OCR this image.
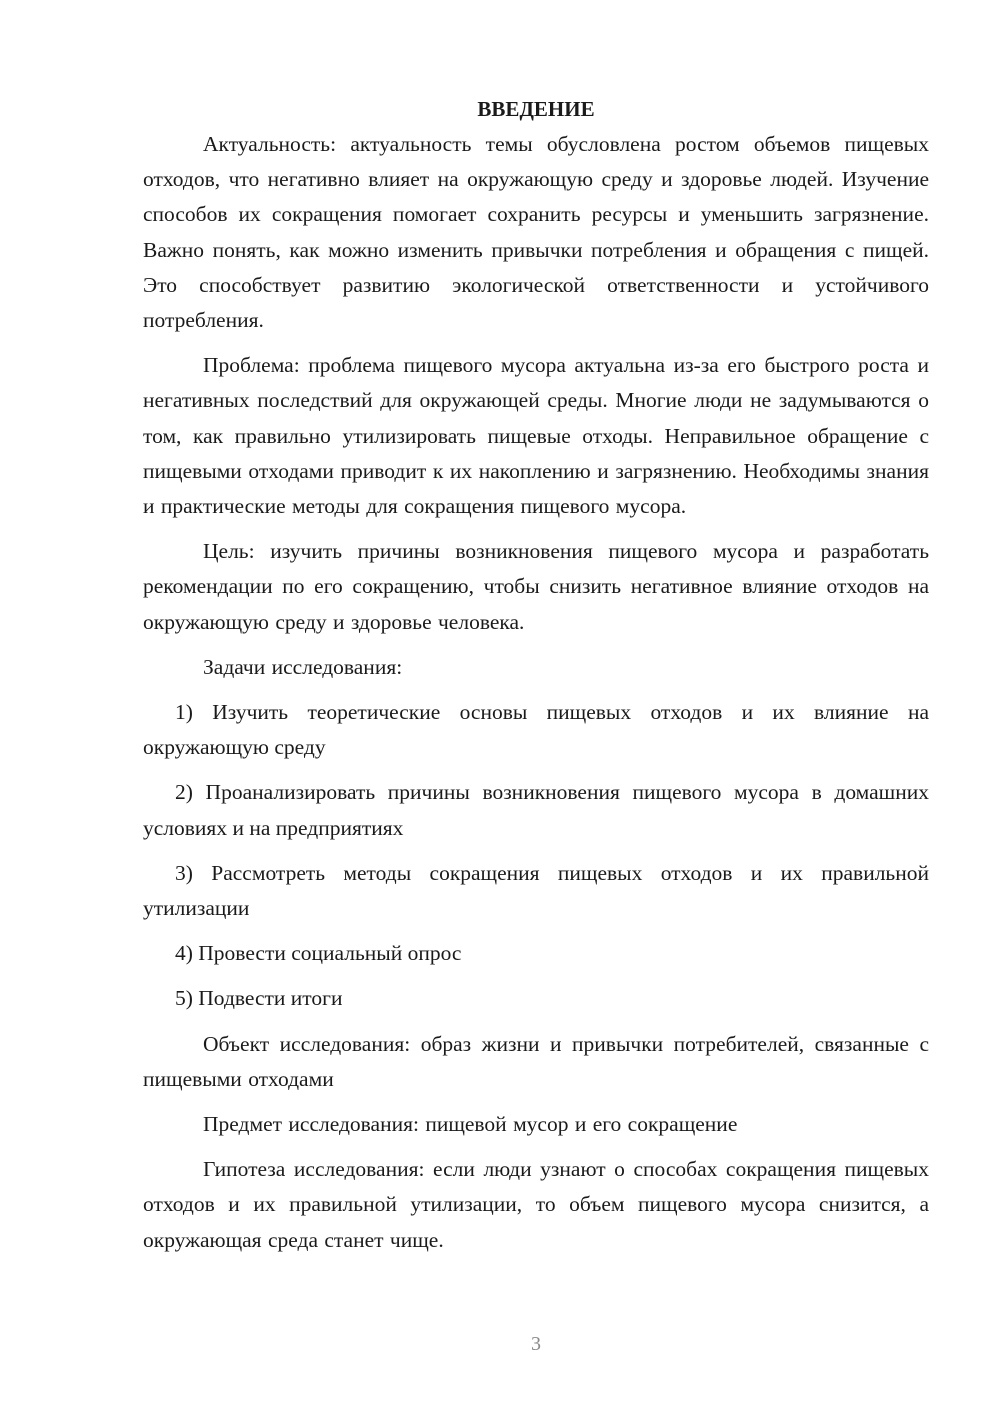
ВВЕДЕНИЕ

Актуальность: актуальность темы обусловлена ростом объемов пищевых отходов, что негативно влияет на окружающую среду и здоровье людей. Изучение способов их сокращения помогает сохранить ресурсы и уменьшить загрязнение. Важно понять, как можно изменить привычки потребления и обращения с пищей. Это способствует развитию экологической ответственности и устойчивого потребления.

Проблема: проблема пищевого мусора актуальна из-за его быстрого роста и негативных последствий для окружающей среды. Многие люди не задумываются о том, как правильно утилизировать пищевые отходы. Неправильное обращение с пищевыми отходами приводит к их накоплению и загрязнению. Необходимы знания и практические методы для сокращения пищевого мусора.

Цель: изучить причины возникновения пищевого мусора и разработать рекомендации по его сокращению, чтобы снизить негативное влияние отходов на окружающую среду и здоровье человека.

Задачи исследования:

1) Изучить теоретические основы пищевых отходов и их влияние на окружающую среду

2) Проанализировать причины возникновения пищевого мусора в домашних условиях и на предприятиях

3) Рассмотреть методы сокращения пищевых отходов и их правильной утилизации

4) Провести социальный опрос

5) Подвести итоги

Объект исследования: образ жизни и привычки потребителей, связанные с пищевыми отходами

Предмет исследования: пищевой мусор и его сокращение

Гипотеза исследования: если люди узнают о способах сокращения пищевых отходов и их правильной утилизации, то объем пищевого мусора снизится, а окружающая среда станет чище.

3
